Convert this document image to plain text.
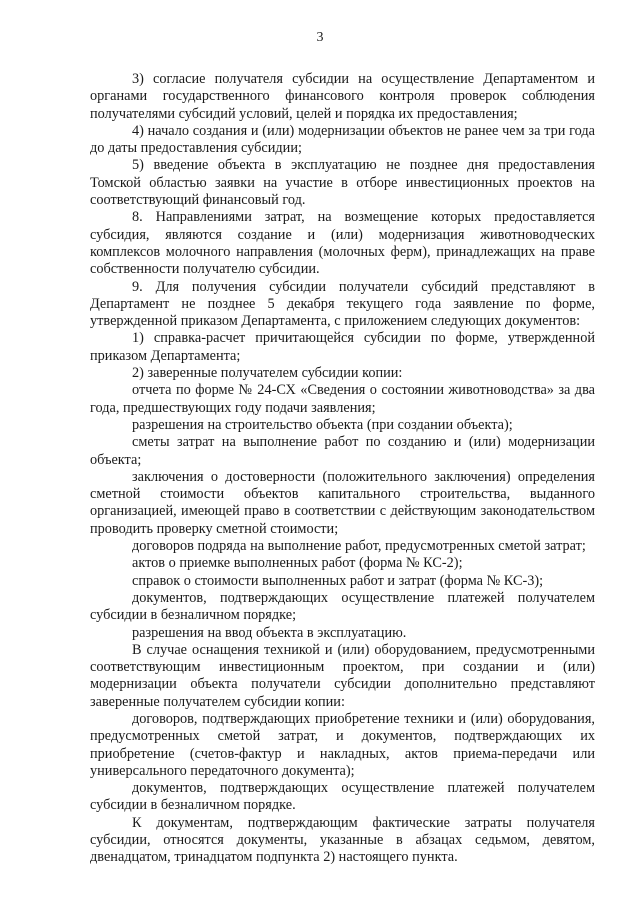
3

3) согласие получателя субсидии на осуществление Департаментом и органами государственного финансового контроля проверок соблюдения получателями субсидий условий, целей и порядка их предоставления;

4) начало создания и (или) модернизации объектов не ранее чем за три года до даты предоставления субсидии;

5) введение объекта в эксплуатацию не позднее дня предоставления Томской областью заявки на участие в отборе инвестиционных проектов на соответствующий финансовый год.

8. Направлениями затрат, на возмещение которых предоставляется субсидия, являются создание и (или) модернизация животноводческих комплексов молочного направления (молочных ферм), принадлежащих на праве собственности получателю субсидии.

9. Для получения субсидии получатели субсидий представляют в Департамент не позднее 5 декабря текущего года заявление по форме, утвержденной приказом Департамента, с приложением следующих документов:

1) справка-расчет причитающейся субсидии по форме, утвержденной приказом Департамента;

2) заверенные получателем субсидии копии:

отчета по форме № 24-СХ «Сведения о состоянии животноводства» за два года, предшествующих году подачи заявления;

разрешения на строительство объекта (при создании объекта);

сметы затрат на выполнение работ по созданию и (или) модернизации объекта;

заключения о достоверности (положительного заключения) определения сметной стоимости объектов капитального строительства, выданного организацией, имеющей право в соответствии с действующим законодательством проводить проверку сметной стоимости;

договоров подряда на выполнение работ, предусмотренных сметой затрат;

актов о приемке выполненных работ (форма № КС-2);

справок о стоимости выполненных работ и затрат (форма № КС-3);

документов, подтверждающих осуществление платежей получателем субсидии в безналичном порядке;

разрешения на ввод объекта в эксплуатацию.

В случае оснащения техникой и (или) оборудованием, предусмотренными соответствующим инвестиционным проектом, при создании и (или) модернизации объекта получатели субсидии дополнительно представляют заверенные получателем субсидии копии:

договоров, подтверждающих приобретение техники и (или) оборудования, предусмотренных сметой затрат, и документов, подтверждающих их приобретение (счетов-фактур и накладных, актов приема-передачи или универсального передаточного документа);

документов, подтверждающих осуществление платежей получателем субсидии в безналичном порядке.

К документам, подтверждающим фактические затраты получателя субсидии, относятся документы, указанные в абзацах седьмом, девятом, двенадцатом, тринадцатом подпункта 2) настоящего пункта.
